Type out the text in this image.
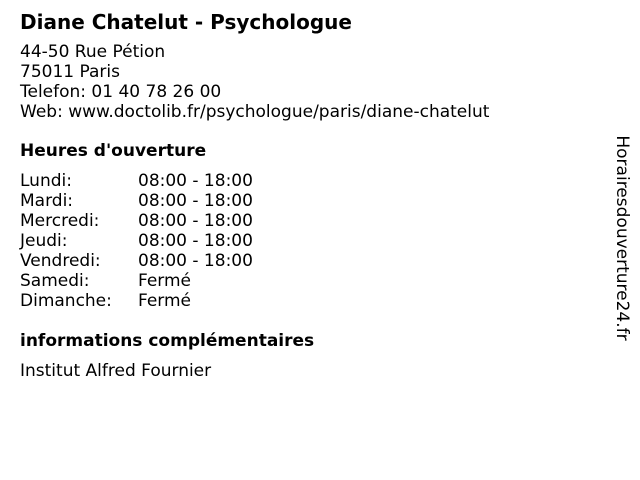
Diane Chatelut - Psychologue
44-50 Rue Pétion
75011 Paris
Telefon: 01 40 78 26 00
Web: www.doctolib.fr/psychologue/paris/diane-chatelut
Heures d'ouverture
Lundi:	08:00 - 18:00
Mardi:	08:00 - 18:00
Mercredi:	08:00 - 18:00
Jeudi:	08:00 - 18:00
Vendredi:	08:00 - 18:00
Samedi:	Fermé
Dimanche:	Fermé
informations complémentaires
Institut Alfred Fournier
Horairesdouverture24.fr
